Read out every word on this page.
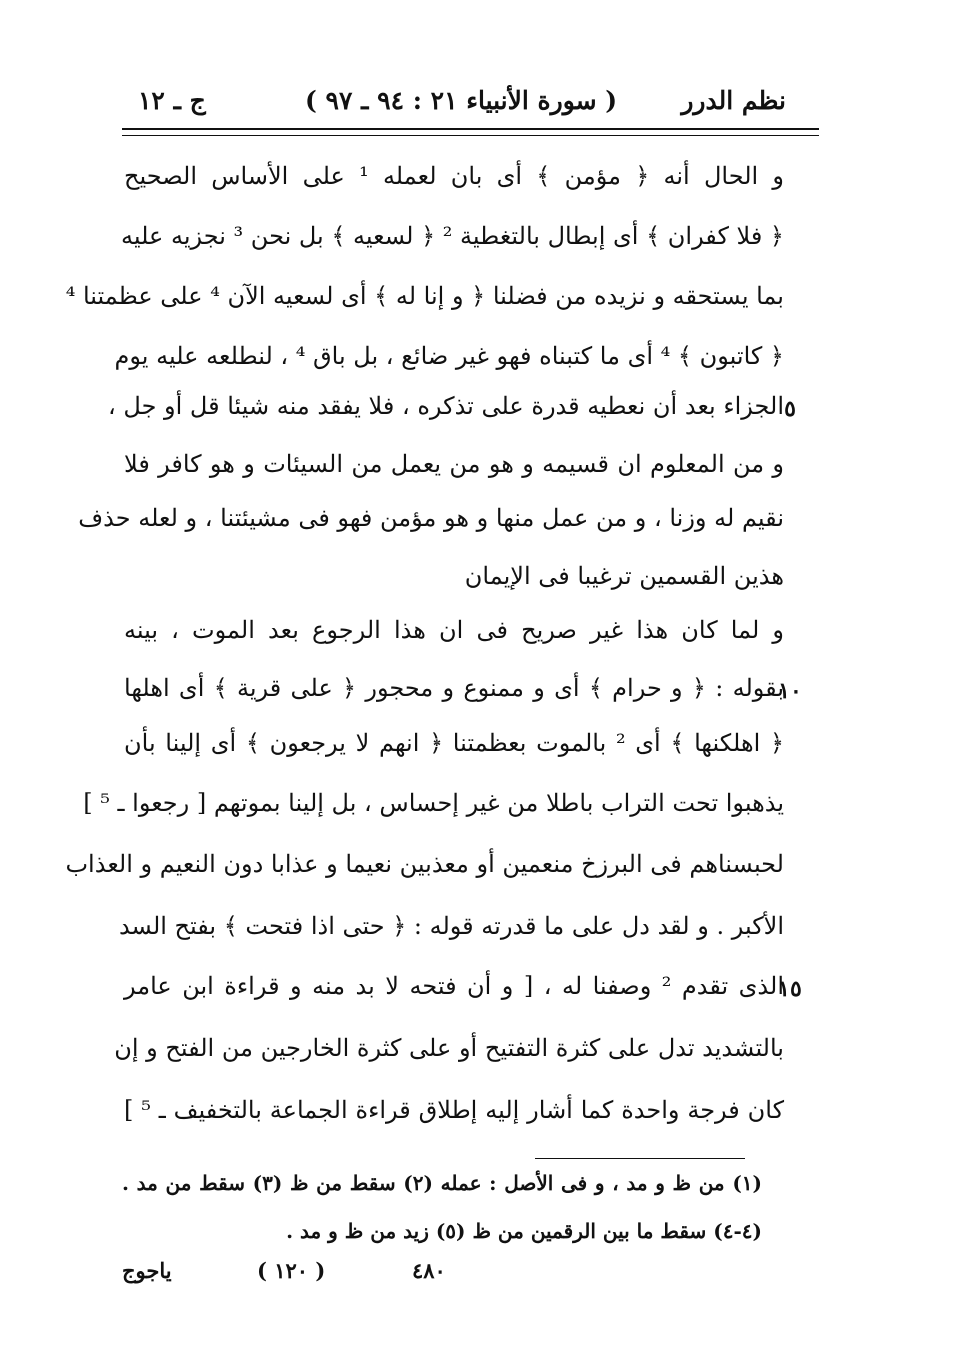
نظم الدرر
( سورة الأنبياء ٢١ : ٩٤ ـ ٩٧ )
ج ـ ١٢
و الحال أنه ﴿ مؤمن ﴾ أى بان لعمله ¹ على الأساس الصحيح
﴿ فلا كفران ﴾ أى إبطال بالتغطية ² ﴿ لسعيه ﴾ بل نحن ³ نجزيه عليه
بما يستحقه و نزيده من فضلنا ﴿ و إنا له ﴾ أى لسعيه الآن ⁴ على عظمتنا ⁴
﴿ كاتبون ﴾ ⁴ أى ما كتبناه فهو غير ضائع ، بل باق ⁴ ، لنطلعه عليه يوم
الجزاء بعد أن نعطيه قدرة على تذكره ، فلا يفقد منه شيئا قل أو جل ، ٥
و من المعلوم ان قسيمه و هو من يعمل من السيئات و هو كافر فلا
نقيم له وزنا ، و من عمل منها و هو مؤمن فهو فى مشيئتنا ، و لعله حذف
هذين القسمين ترغيبا فى الإيمان
و لما كان هذا غير صريح فى ان هذا الرجوع بعد الموت ، بينه
بقوله : ﴿ و حرام ﴾ أى و ممنوع و محجور ﴿ على قرية ﴾ أى اهلها
١٠
﴿ اهلكنها ﴾ أى ² بالموت بعظمتنا ﴿ انهم لا يرجعون ﴾ أى إلينا بأن
يذهبوا تحت التراب باطلا من غير إحساس ، بل إلينا بموتهم [ رجعوا ـ ⁵ ]
لحبسناهم فى البرزخ منعمين أو معذبين نعيما و عذابا دون النعيم و العذاب
الأكبر . و لقد دل على ما قدرته قوله : ﴿ حتى اذا فتحت ﴾ بفتح السد
الذى تقدم ² وصفنا له ، [ و أن فتحه لا بد منه و قراءة ابن عامر
١٥
بالتشديد تدل على كثرة التفتيح أو على كثرة الخارجين من الفتح و إن
كان فرجة واحدة كما أشار إليه إطلاق قراءة الجماعة بالتخفيف ـ ⁵ ]
(١) من ظ و مد ، و فى الأصل : عمله (٢) سقط من ظ (٣) سقط من مد .
(٤-٤) سقط ما بين الرقمين من ظ (٥) زيد من ظ و مد .
ياجوج	( ١٢٠ )	٤٨٠
